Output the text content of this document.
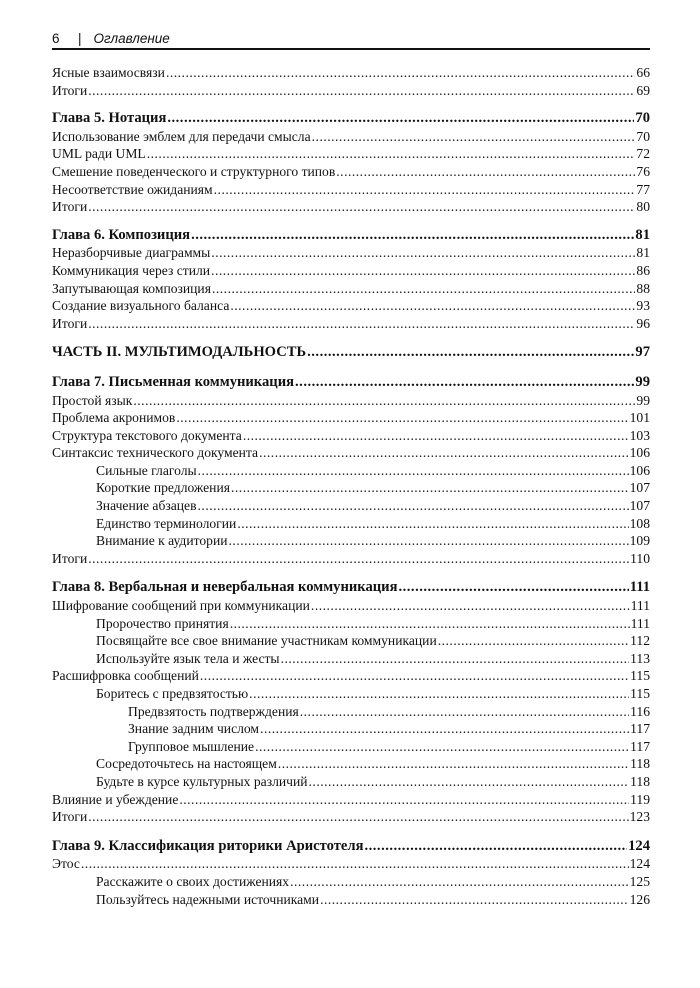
6 | Оглавление
Ясные взаимосвязи .....	66
Итоги .....	69
Глава 5. Нотация .....	70
Использование эмблем для передачи смысла .....	70
UML ради UML .....	72
Смешение поведенческого и структурного типов .....	76
Несоответствие ожиданиям .....	77
Итоги .....	80
Глава 6. Композиция .....	81
Неразборчивые диаграммы .....	81
Коммуникация через стили .....	86
Запутывающая композиция .....	88
Создание визуального баланса .....	93
Итоги .....	96
ЧАСТЬ II. МУЛЬТИМОДАЛЬНОСТЬ .....	97
Глава 7. Письменная коммуникация .....	99
Простой язык .....	99
Проблема акронимов .....	101
Структура текстового документа .....	103
Синтаксис технического документа .....	106
Сильные глаголы .....	106
Короткие предложения .....	107
Значение абзацев .....	107
Единство терминологии .....	108
Внимание к аудитории .....	109
Итоги .....	110
Глава 8. Вербальная и невербальная коммуникация .....	111
Шифрование сообщений при коммуникации .....	111
Пророчество принятия .....	111
Посвящайте все свое внимание участникам коммуникации .....	112
Используйте язык тела и жесты .....	113
Расшифровка сообщений .....	115
Боритесь с предвзятостью .....	115
Предвзятость подтверждения .....	116
Знание задним числом .....	117
Групповое мышление .....	117
Сосредоточьтесь на настоящем .....	118
Будьте в курсе культурных различий .....	118
Влияние и убеждение .....	119
Итоги .....	123
Глава 9. Классификация риторики Аристотеля .....	124
Этос .....	124
Расскажите о своих достижениях .....	125
Пользуйтесь надежными источниками .....	126
